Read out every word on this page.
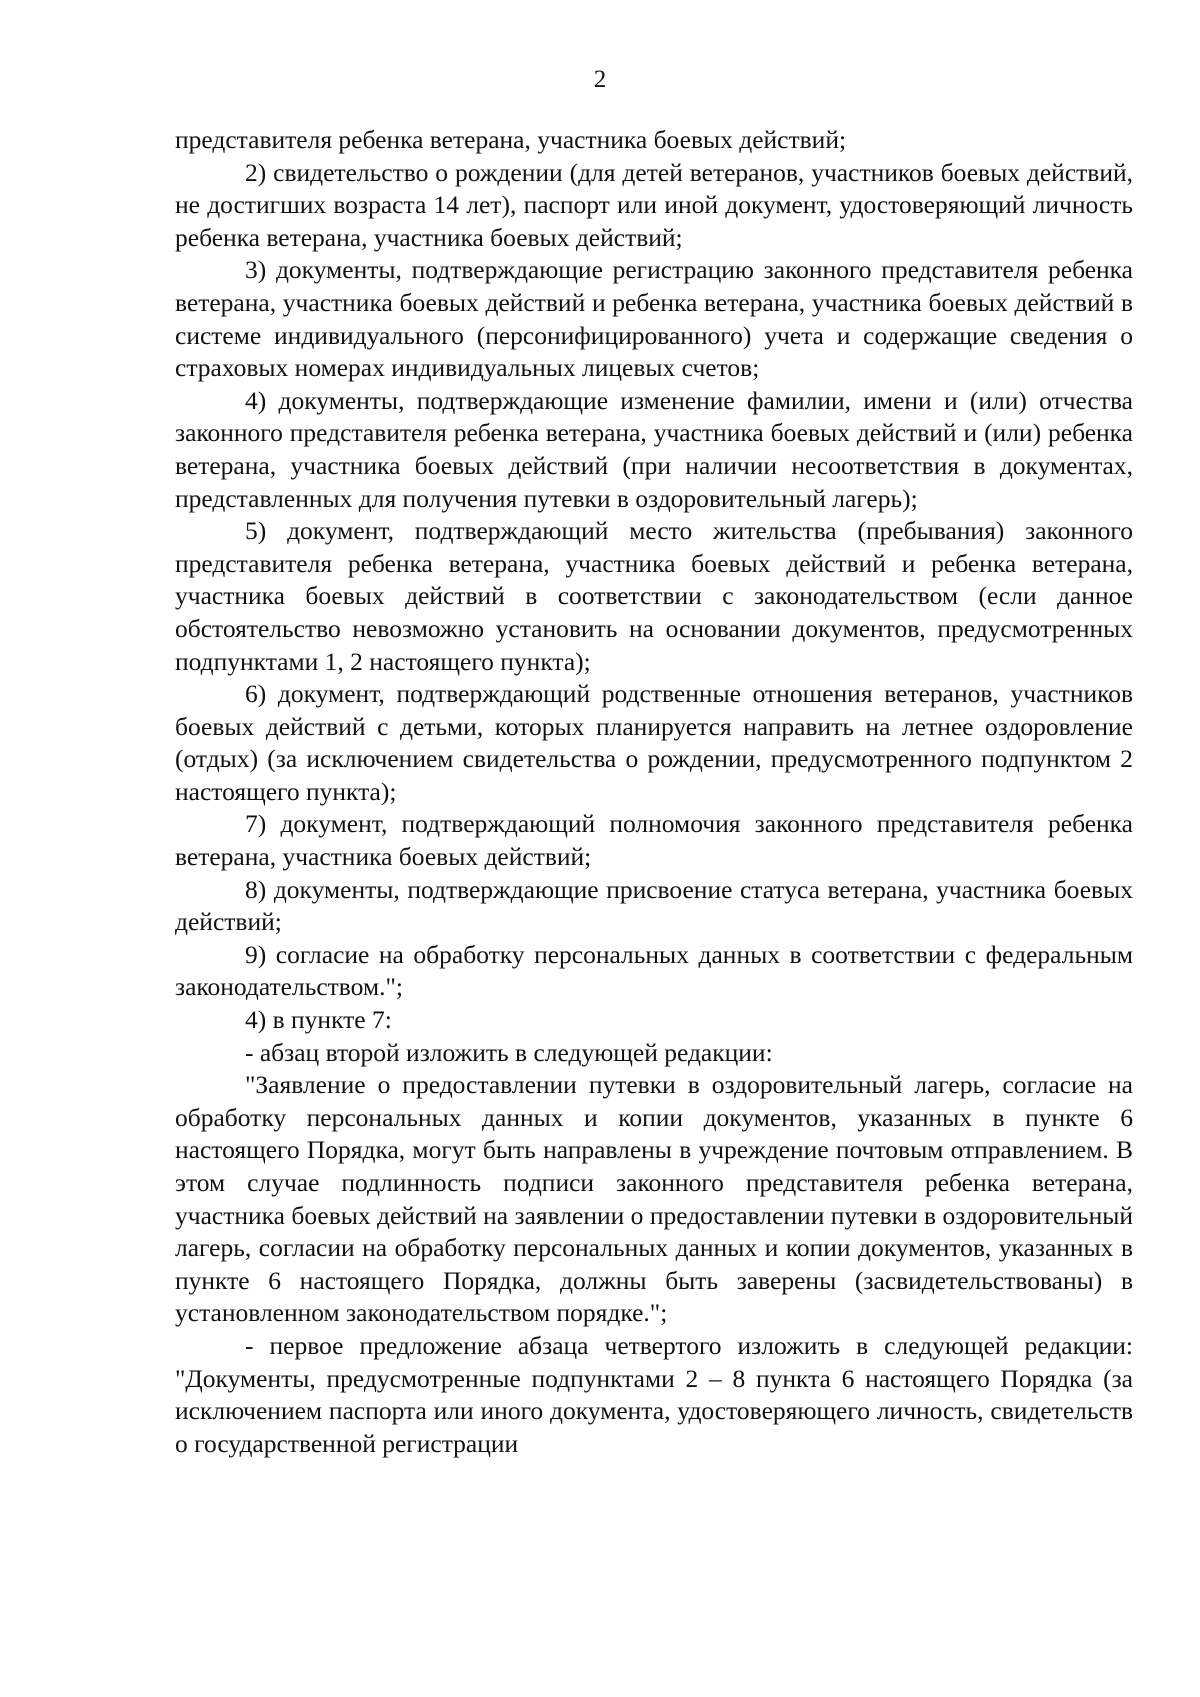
2

представителя ребенка ветерана, участника боевых действий;

2) свидетельство о рождении (для детей ветеранов, участников боевых действий, не достигших возраста 14 лет), паспорт или иной документ, удостоверяющий личность ребенка ветерана, участника боевых действий;

3) документы, подтверждающие регистрацию законного представителя ребенка ветерана, участника боевых действий и ребенка ветерана, участника боевых действий в системе индивидуального (персонифицированного) учета и содержащие сведения о страховых номерах индивидуальных лицевых счетов;

4) документы, подтверждающие изменение фамилии, имени и (или) отчества законного представителя ребенка ветерана, участника боевых действий и (или) ребенка ветерана, участника боевых действий (при наличии несоответствия в документах, представленных для получения путевки в оздоровительный лагерь);

5) документ, подтверждающий место жительства (пребывания) законного представителя ребенка ветерана, участника боевых действий и ребенка ветерана, участника боевых действий в соответствии с законодательством (если данное обстоятельство невозможно установить на основании документов, предусмотренных подпунктами 1, 2 настоящего пункта);

6) документ, подтверждающий родственные отношения ветеранов, участников боевых действий с детьми, которых планируется направить на летнее оздоровление (отдых) (за исключением свидетельства о рождении, предусмотренного подпунктом 2 настоящего пункта);

7) документ, подтверждающий полномочия законного представителя ребенка ветерана, участника боевых действий;

8) документы, подтверждающие присвоение статуса ветерана, участника боевых действий;

9) согласие на обработку персональных данных в соответствии с федеральным законодательством.";

4) в пункте 7:

- абзац второй изложить в следующей редакции:

"Заявление о предоставлении путевки в оздоровительный лагерь, согласие на обработку персональных данных и копии документов, указанных в пункте 6 настоящего Порядка, могут быть направлены в учреждение почтовым отправлением. В этом случае подлинность подписи законного представителя ребенка ветерана, участника боевых действий на заявлении о предоставлении путевки в оздоровительный лагерь, согласии на обработку персональных данных и копии документов, указанных в пункте 6 настоящего Порядка, должны быть заверены (засвидетельствованы) в установленном законодательством порядке.";

- первое предложение абзаца четвертого изложить в следующей редакции: "Документы, предусмотренные подпунктами 2 – 8 пункта 6 настоящего Порядка (за исключением паспорта или иного документа, удостоверяющего личность, свидетельств о государственной регистрации
